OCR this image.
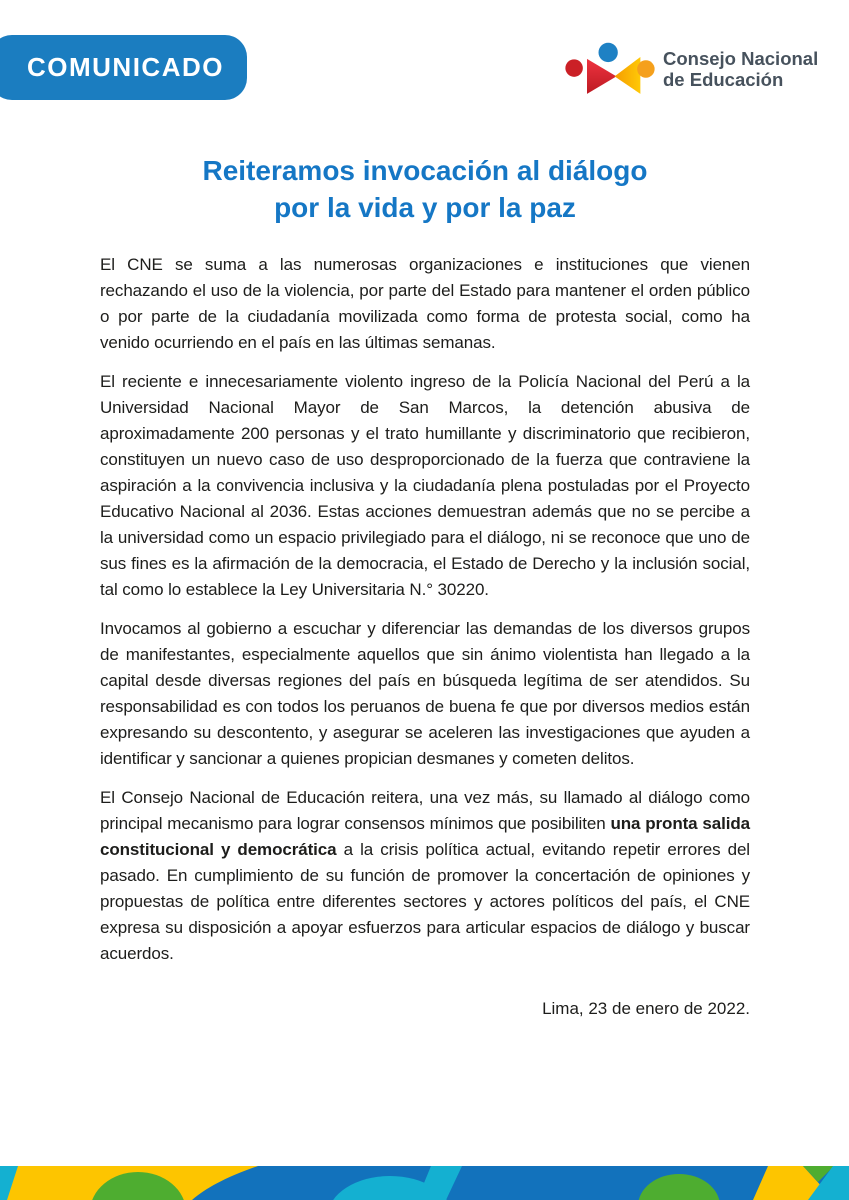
COMUNICADO	Consejo Nacional
de Educación
Reiteramos invocación al diálogo
por la vida y por la paz

El CNE se suma a las numerosas organizaciones e instituciones que vienen rechazando el uso de la violencia, por parte del Estado para mantener el orden público o por parte de la ciudadanía movilizada como forma de protesta social, como ha venido ocurriendo en el país en las últimas semanas.

El reciente e innecesariamente violento ingreso de la Policía Nacional del Perú a la Universidad Nacional Mayor de San Marcos, la detención abusiva de aproximadamente 200 personas y el trato humillante y discriminatorio que recibieron, constituyen un nuevo caso de uso desproporcionado de la fuerza que contraviene la aspiración a la convivencia inclusiva y la ciudadanía plena postuladas por el Proyecto Educativo Nacional al 2036. Estas acciones demuestran además que no se percibe a la universidad como un espacio privilegiado para el diálogo, ni se reconoce que uno de sus fines es la afirmación de la democracia, el Estado de Derecho y la inclusión social, tal como lo establece la Ley Universitaria N.° 30220.

Invocamos al gobierno a escuchar y diferenciar las demandas de los diversos grupos de manifestantes, especialmente aquellos que sin ánimo violentista han llegado a la capital desde diversas regiones del país en búsqueda legítima de ser atendidos. Su responsabilidad es con todos los peruanos de buena fe que por diversos medios están expresando su descontento, y asegurar se aceleren las investigaciones que ayuden a identificar y sancionar a quienes propician desmanes y cometen delitos.

El Consejo Nacional de Educación reitera, una vez más, su llamado al diálogo como principal mecanismo para lograr consensos mínimos que posibiliten una pronta salida constitucional y democrática a la crisis política actual, evitando repetir errores del pasado. En cumplimiento de su función de promover la concertación de opiniones y propuestas de política entre diferentes sectores y actores políticos del país, el CNE expresa su disposición a apoyar esfuerzos para articular espacios de diálogo y buscar acuerdos.

Lima, 23 de enero de 2022.
